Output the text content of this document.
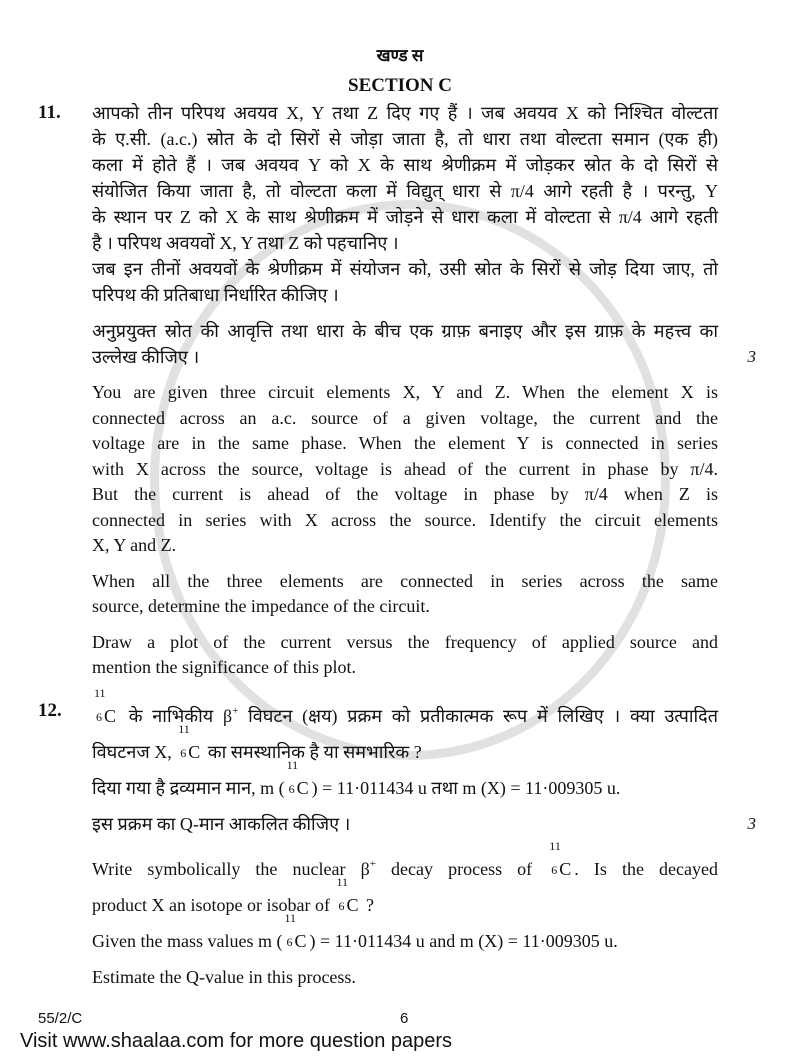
खण्ड स
SECTION C
11.	आपको तीन परिपथ अवयव X, Y तथा Z दिए गए हैं । जब अवयव X को निश्चित वोल्टता
के ए.सी. (a.c.) स्रोत के दो सिरों से जोड़ा जाता है, तो धारा तथा वोल्टता समान (एक ही)
कला में होते हैं । जब अवयव Y को X के साथ श्रेणीक्रम में जोड़कर स्रोत के दो सिरों से
संयोजित किया जाता है, तो वोल्टता कला में विद्युत् धारा से π/4 आगे रहती है । परन्तु, Y
के स्थान पर Z को X के साथ श्रेणीक्रम में जोड़ने से धारा कला में वोल्टता से π/4 आगे रहती
है । परिपथ अवयवों X, Y तथा Z को पहचानिए ।
जब इन तीनों अवयवों के श्रेणीक्रम में संयोजन को, उसी स्रोत के सिरों से जोड़ दिया जाए, तो
परिपथ की प्रतिबाधा निर्धारित कीजिए ।
अनुप्रयुक्त स्रोत की आवृत्ति तथा धारा के बीच एक ग्राफ़ बनाइए और इस ग्राफ़ के महत्त्व का
उल्लेख कीजिए ।	3
You are given three circuit elements X, Y and Z. When the element X is
connected across an a.c. source of a given voltage, the current and the
voltage are in the same phase. When the element Y is connected in series
with X across the source, voltage is ahead of the current in phase by π/4.
But the current is ahead of the voltage in phase by π/4 when Z is
connected in series with X across the source. Identify the circuit elements
X, Y and Z.
When all the three elements are connected in series across the same
source, determine the impedance of the circuit.
Draw a plot of the current versus the frequency of applied source and
mention the significance of this plot.
12.
11
6 C के नाभिकीय β+ विघटन (क्षय) प्रक्रम को प्रतीकात्मक रूप में लिखिए । क्या उत्पादित
विघटनज X,
11
6 C का समस्थानिक है या समभारिक ?
दिया गया है द्रव्यमान मान, m (
11
6 C ) = 11·011434 u तथा m (X) = 11·009305 u.
इस प्रक्रम का Q-मान आकलित कीजिए ।	3
Write symbolically the nuclear β+ decay process of
11
6 C . Is the decayed
product X an isotope or isobar of
11
6 C ?
Given the mass values m (
11
6 C ) = 11·011434 u and m (X) = 11·009305 u.
Estimate the Q-value in this process.
55/2/C	6
Visit www.shaalaa.com for more question papers
